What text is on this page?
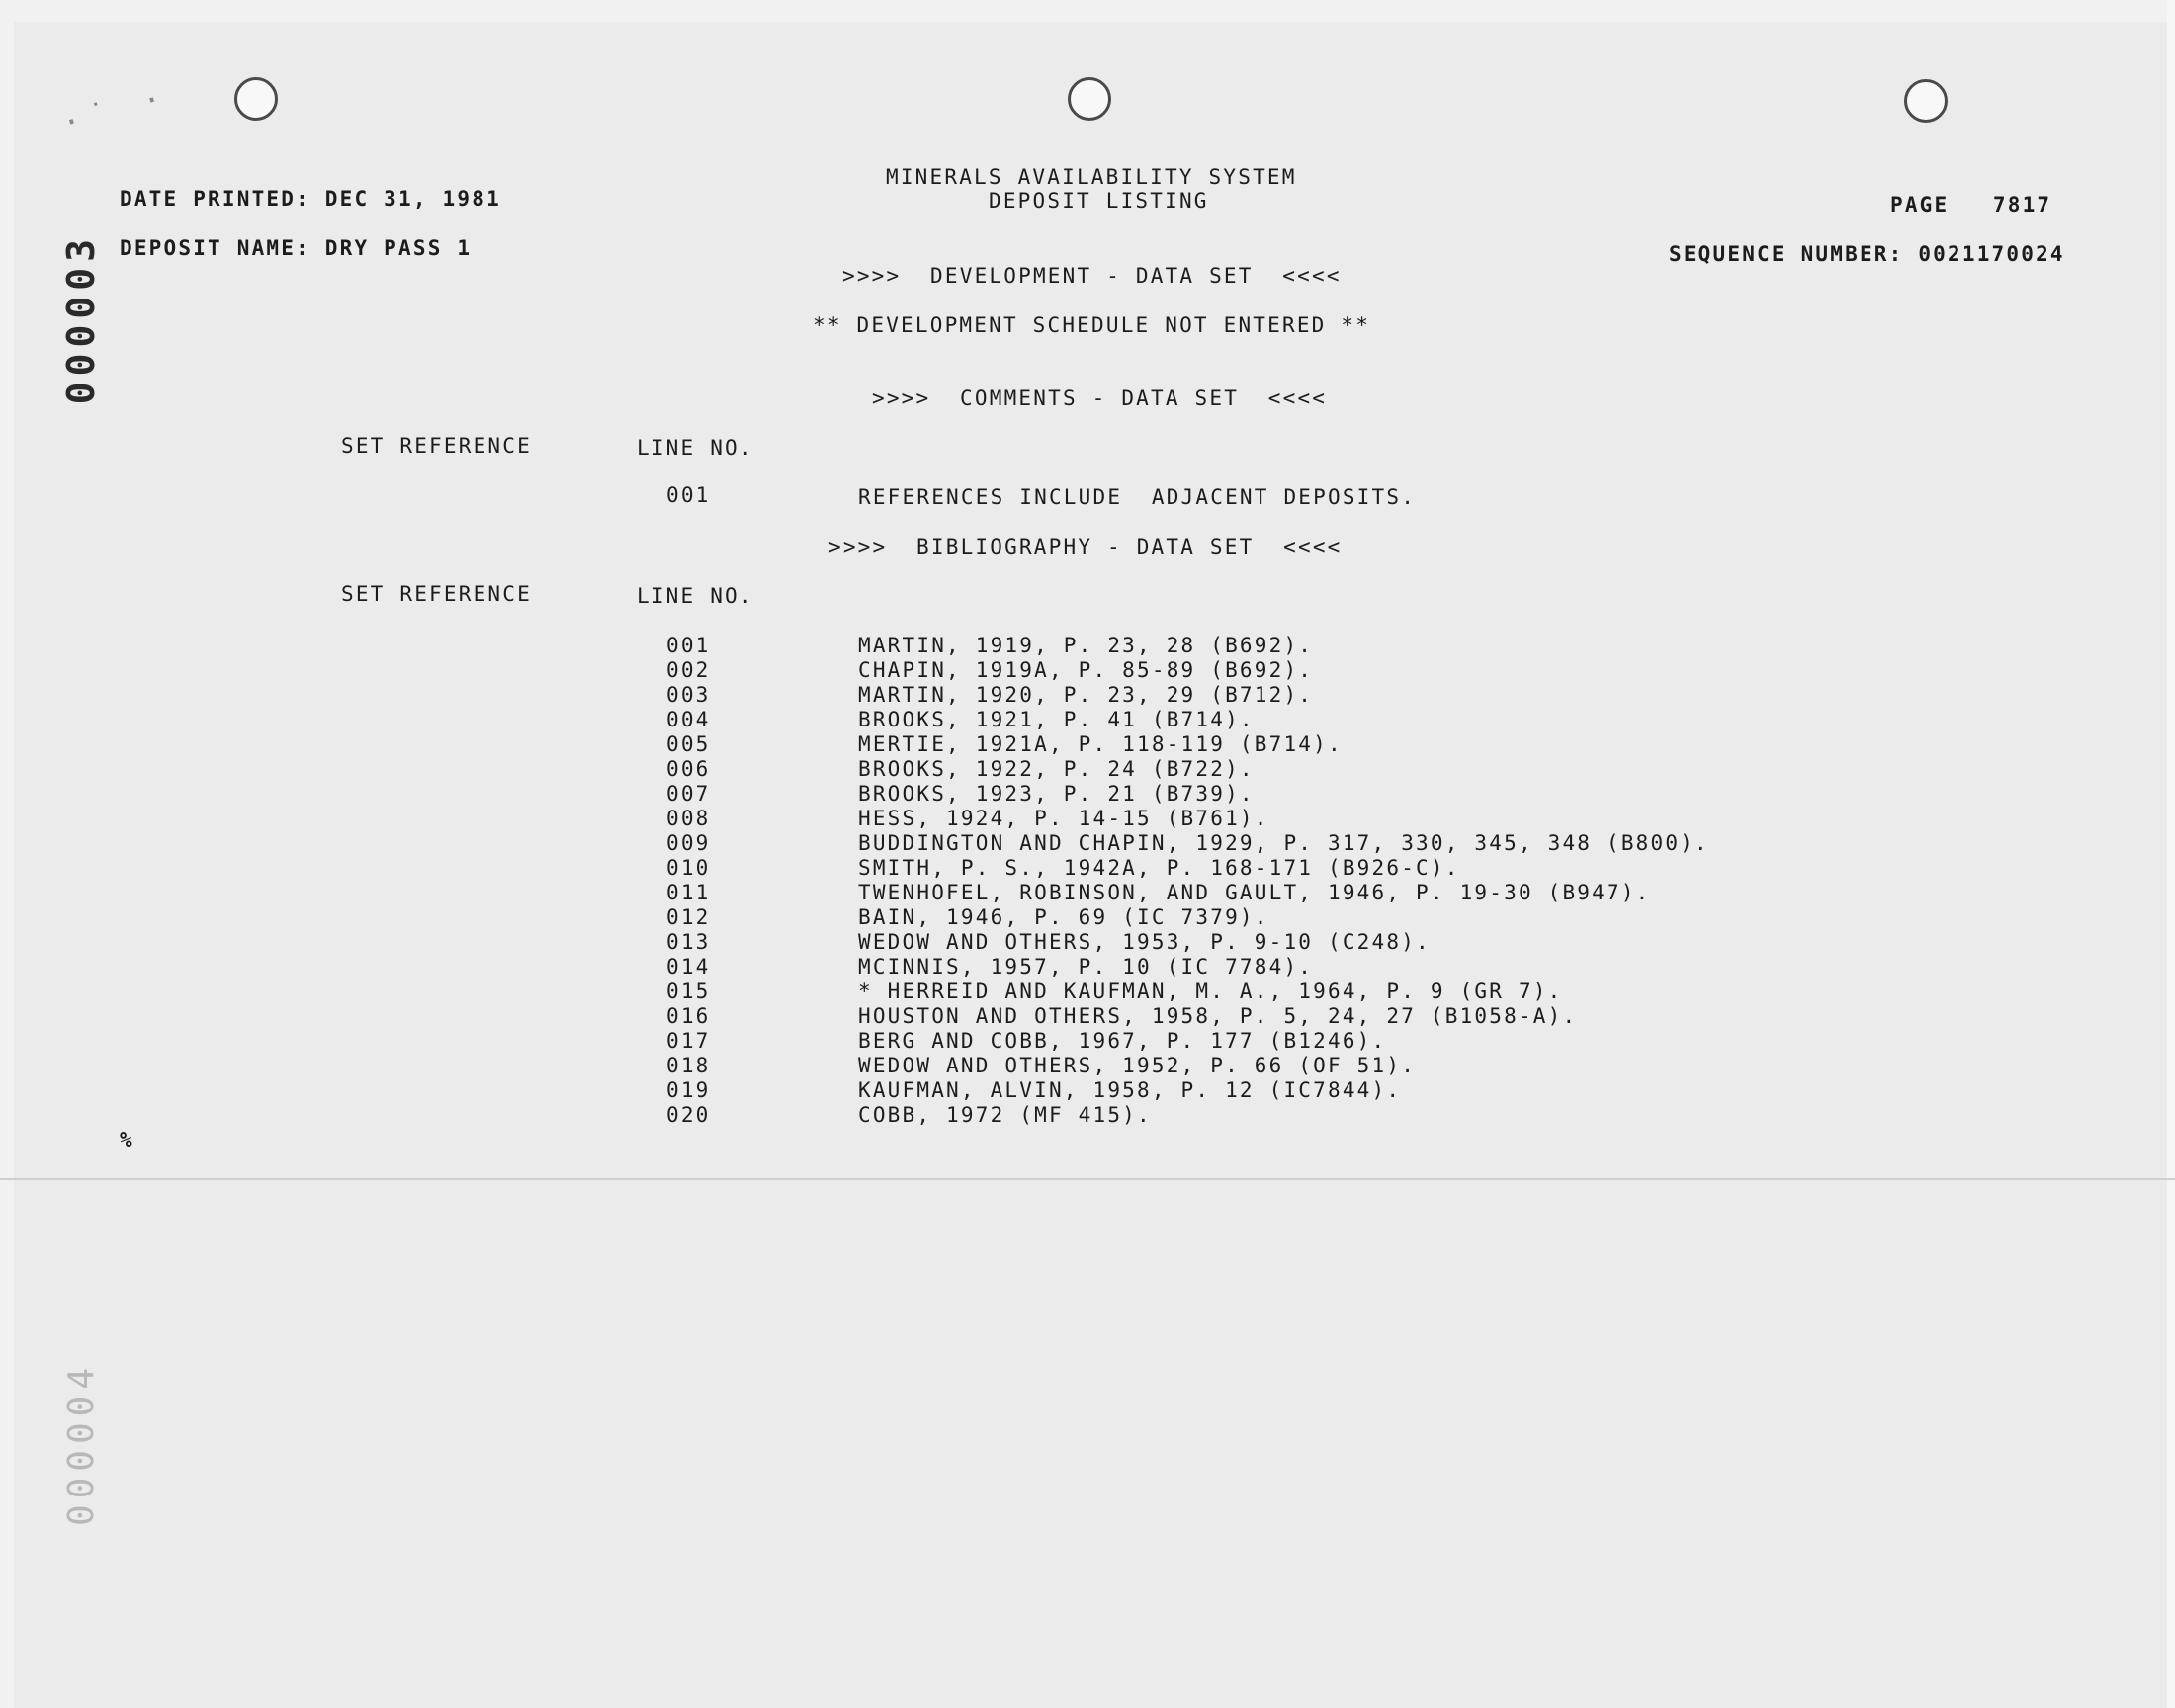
·˙ ·
000003
000004
MINERALS AVAILABILITY SYSTEM
DEPOSIT LISTING
DATE PRINTED: DEC 31, 1981
DEPOSIT NAME: DRY PASS 1
PAGE   7817
SEQUENCE NUMBER: 0021170024
>>>>  DEVELOPMENT - DATA SET  <<<<
** DEVELOPMENT SCHEDULE NOT ENTERED **
>>>>  COMMENTS - DATA SET  <<<<
SET REFERENCE	LINE NO.
001	REFERENCES INCLUDE  ADJACENT DEPOSITS.
>>>>  BIBLIOGRAPHY - DATA SET  <<<<
SET REFERENCE	LINE NO.
001	MARTIN, 1919, P. 23, 28 (B692).
002	CHAPIN, 1919A, P. 85-89 (B692).
003	MARTIN, 1920, P. 23, 29 (B712).
004	BROOKS, 1921, P. 41 (B714).
005	MERTIE, 1921A, P. 118-119 (B714).
006	BROOKS, 1922, P. 24 (B722).
007	BROOKS, 1923, P. 21 (B739).
008	HESS, 1924, P. 14-15 (B761).
009	BUDDINGTON AND CHAPIN, 1929, P. 317, 330, 345, 348 (B800).
010	SMITH, P. S., 1942A, P. 168-171 (B926-C).
011	TWENHOFEL, ROBINSON, AND GAULT, 1946, P. 19-30 (B947).
012	BAIN, 1946, P. 69 (IC 7379).
013	WEDOW AND OTHERS, 1953, P. 9-10 (C248).
014	MCINNIS, 1957, P. 10 (IC 7784).
015	* HERREID AND KAUFMAN, M. A., 1964, P. 9 (GR 7).
016	HOUSTON AND OTHERS, 1958, P. 5, 24, 27 (B1058-A).
017	BERG AND COBB, 1967, P. 177 (B1246).
018	WEDOW AND OTHERS, 1952, P. 66 (OF 51).
019	KAUFMAN, ALVIN, 1958, P. 12 (IC7844).
020	COBB, 1972 (MF 415).
%
